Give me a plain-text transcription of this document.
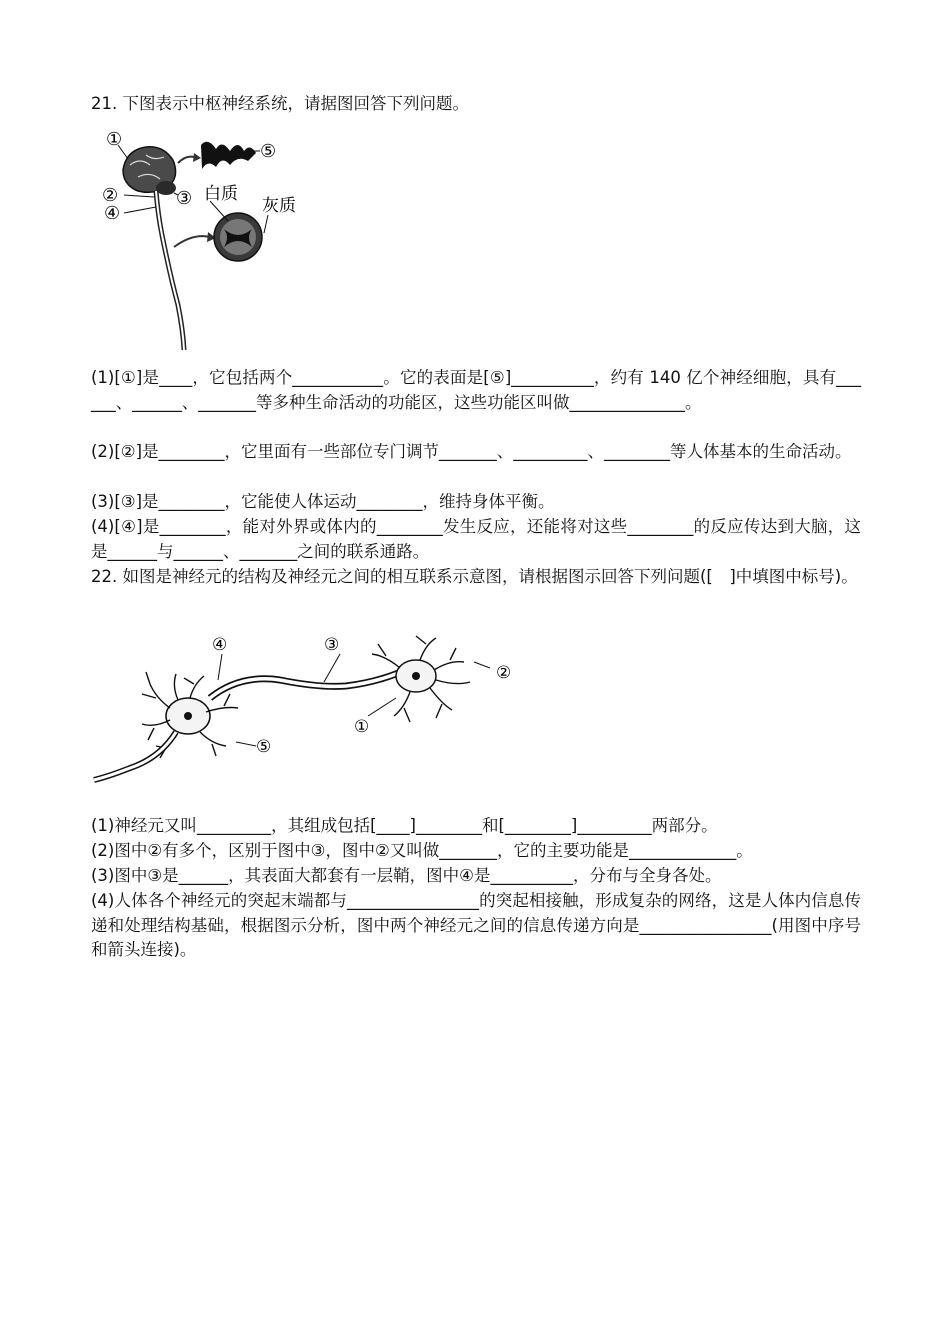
21. 下图表示中枢神经系统，请据图回答下列问题。
①
②	③
④
⑤
白质
灰质
(1)[①]是____，它包括两个___________。它的表面是[⑤]__________，约有 140 亿个神经细胞，具有______、______、_______等多种生命活动的功能区，这些功能区叫做______________。
(2)[②]是________，它里面有一些部位专门调节_______、_________、________等人体基本的生命活动。
(3)[③]是________，它能使人体运动________，维持身体平衡。
(4)[④]是________，能对外界或体内的________发生反应，还能将对这些________的反应传达到大脑，这是______与______、_______之间的联系通路。
22. 如图是神经元的结构及神经元之间的相互联系示意图，请根据图示回答下列问题([　]中填图中标号)。
④	③
②
①
⑤
(1)神经元又叫_________，其组成包括[____]________和[________]_________两部分。
(2)图中②有多个，区别于图中③，图中②又叫做_______，它的主要功能是_____________。
(3)图中③是______，其表面大都套有一层鞘，图中④是__________，分布与全身各处。
(4)人体各个神经元的突起末端都与________________的突起相接触，形成复杂的网络，这是人体内信息传递和处理结构基础，根据图示分析，图中两个神经元之间的信息传递方向是________________(用图中序号和箭头连接)。
